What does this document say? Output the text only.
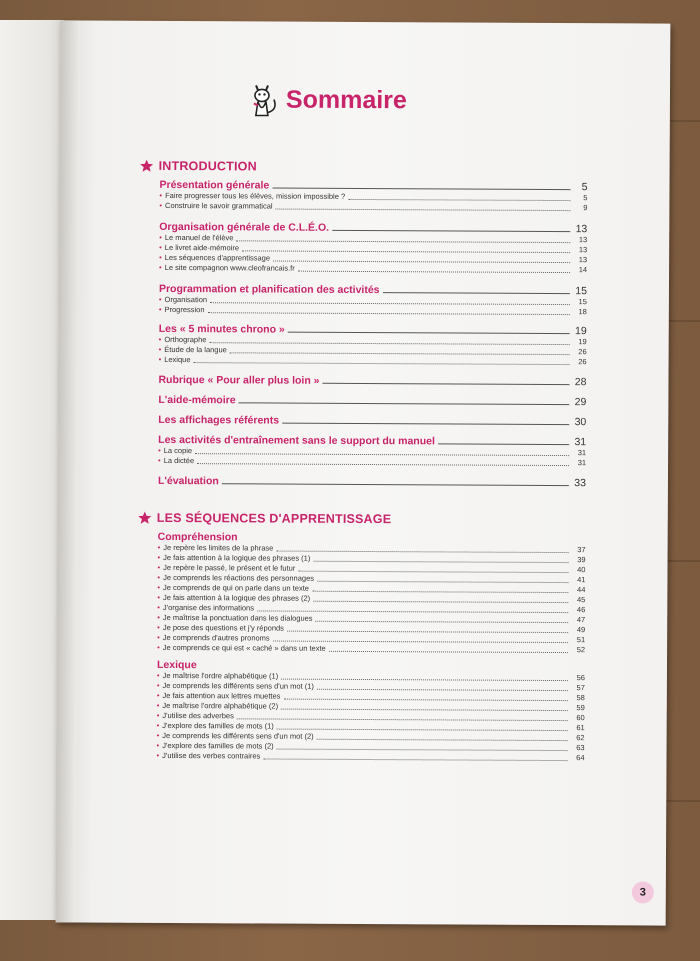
Sommaire
INTRODUCTION
Présentation générale	5
• Faire progresser tous les élèves, mission impossible ?	5
• Construire le savoir grammatical	9
Organisation générale de C.L.É.O.	13
• Le manuel de l'élève	13
• Le livret aide-mémoire	13
• Les séquences d'apprentissage	13
• Le site compagnon www.cleofrancais.fr	14
Programmation et planification des activités	15
• Organisation	15
• Progression	18
Les « 5 minutes chrono »	19
• Orthographe	19
• Étude de la langue	26
• Lexique	26
Rubrique « Pour aller plus loin »	28
L'aide-mémoire	29
Les affichages référents	30
Les activités d'entraînement sans le support du manuel	31
• La copie	31
• La dictée	31
L'évaluation	33
LES SÉQUENCES D'APPRENTISSAGE
Compréhension
• Je repère les limites de la phrase	37
• Je fais attention à la logique des phrases (1)	39
• Je repère le passé, le présent et le futur	40
• Je comprends les réactions des personnages	41
• Je comprends de qui on parle dans un texte	44
• Je fais attention à la logique des phrases (2)	45
• J'organise des informations	46
• Je maîtrise la ponctuation dans les dialogues	47
• Je pose des questions et j'y réponds	49
• Je comprends d'autres pronoms	51
• Je comprends ce qui est « caché » dans un texte	52
Lexique
• Je maîtrise l'ordre alphabétique (1)	56
• Je comprends les différents sens d'un mot (1)	57
• Je fais attention aux lettres muettes	58
• Je maîtrise l'ordre alphabétique (2)	59
• J'utilise des adverbes	60
• J'explore des familles de mots (1)	61
• Je comprends les différents sens d'un mot (2)	62
• J'explore des familles de mots (2)	63
• J'utilise des verbes contraires	64
3
